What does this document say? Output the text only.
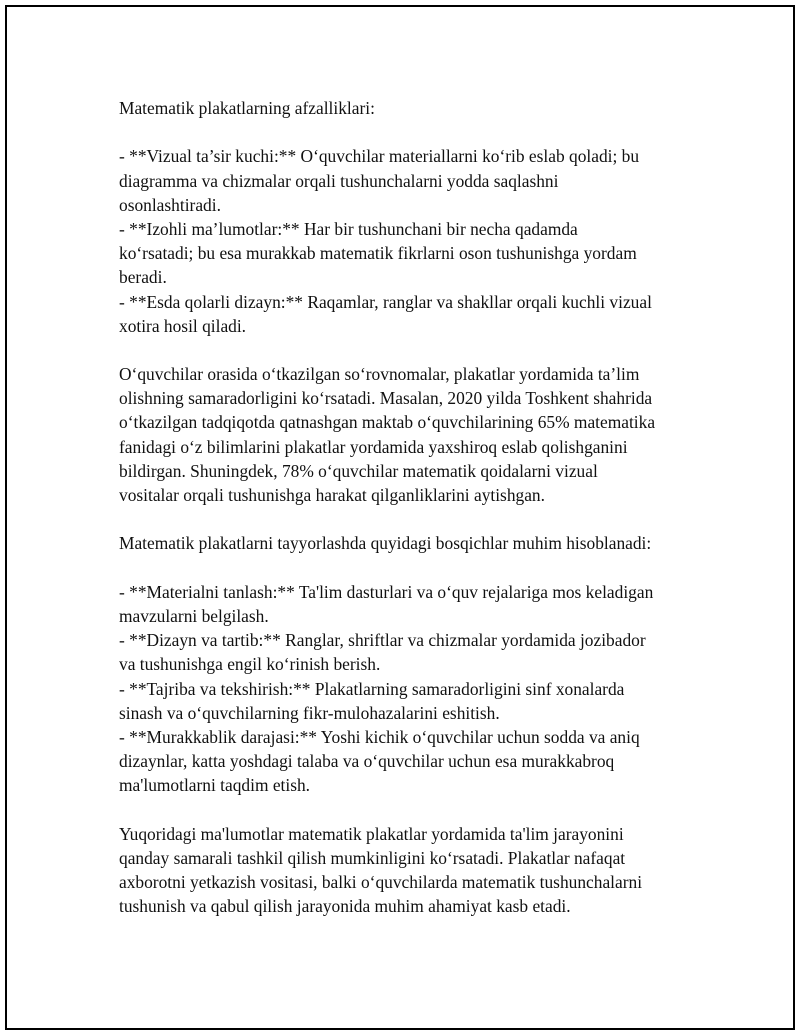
Matematik plakatlarning afzalliklari:
- **Vizual ta’sir kuchi:** O‘quvchilar materiallarni ko‘rib eslab qoladi; bu
diagramma va chizmalar orqali tushunchalarni yodda saqlashni
osonlashtiradi.
- **Izohli ma’lumotlar:** Har bir tushunchani bir necha qadamda
ko‘rsatadi; bu esa murakkab matematik fikrlarni oson tushunishga yordam
beradi.
- **Esda qolarli dizayn:** Raqamlar, ranglar va shakllar orqali kuchli vizual
xotira hosil qiladi.
O‘quvchilar orasida o‘tkazilgan so‘rovnomalar, plakatlar yordamida ta’lim
olishning samaradorligini ko‘rsatadi. Masalan, 2020 yilda Toshkent shahrida
o‘tkazilgan tadqiqotda qatnashgan maktab o‘quvchilarining 65% matematika
fanidagi o‘z bilimlarini plakatlar yordamida yaxshiroq eslab qolishganini
bildirgan. Shuningdek, 78% o‘quvchilar matematik qoidalarni vizual
vositalar orqali tushunishga harakat qilganliklarini aytishgan.
Matematik plakatlarni tayyorlashda quyidagi bosqichlar muhim hisoblanadi:
- **Materialni tanlash:** Ta'lim dasturlari va o‘quv rejalariga mos keladigan
mavzularni belgilash.
- **Dizayn va tartib:** Ranglar, shriftlar va chizmalar yordamida jozibador
va tushunishga engil ko‘rinish berish.
- **Tajriba va tekshirish:** Plakatlarning samaradorligini sinf xonalarda
sinash va o‘quvchilarning fikr-mulohazalarini eshitish.
- **Murakkablik darajasi:** Yoshi kichik o‘quvchilar uchun sodda va aniq
dizaynlar, katta yoshdagi talaba va o‘quvchilar uchun esa murakkabroq
ma'lumotlarni taqdim etish.
Yuqoridagi ma'lumotlar matematik plakatlar yordamida ta'lim jarayonini
qanday samarali tashkil qilish mumkinligini ko‘rsatadi. Plakatlar nafaqat
axborotni yetkazish vositasi, balki o‘quvchilarda matematik tushunchalarni
tushunish va qabul qilish jarayonida muhim ahamiyat kasb etadi.
